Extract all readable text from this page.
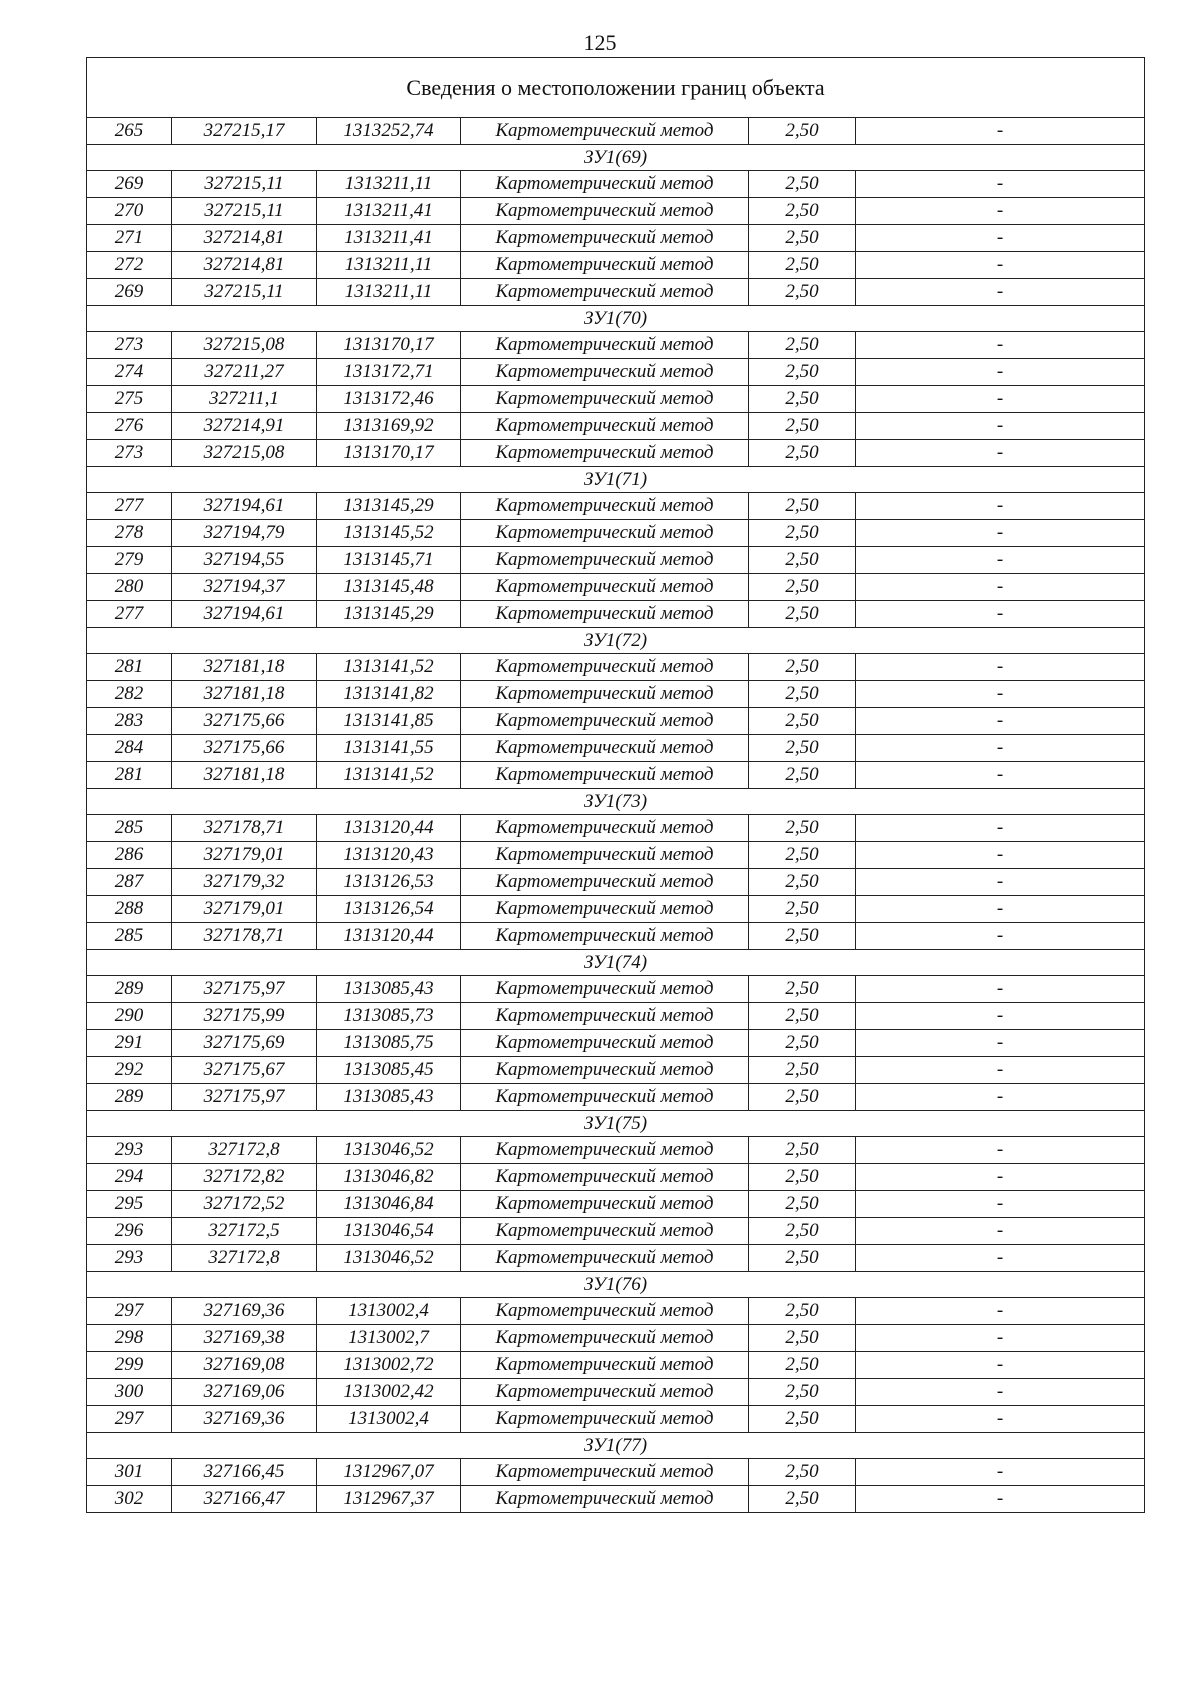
125
Сведения о местоположении границ объекта					
265	327215,17	1313252,74	Картометрический метод	2,50	-
ЗУ1(69)					
269	327215,11	1313211,11	Картометрический метод	2,50	-
270	327215,11	1313211,41	Картометрический метод	2,50	-
271	327214,81	1313211,41	Картометрический метод	2,50	-
272	327214,81	1313211,11	Картометрический метод	2,50	-
269	327215,11	1313211,11	Картометрический метод	2,50	-
ЗУ1(70)					
273	327215,08	1313170,17	Картометрический метод	2,50	-
274	327211,27	1313172,71	Картометрический метод	2,50	-
275	327211,1	1313172,46	Картометрический метод	2,50	-
276	327214,91	1313169,92	Картометрический метод	2,50	-
273	327215,08	1313170,17	Картометрический метод	2,50	-
ЗУ1(71)					
277	327194,61	1313145,29	Картометрический метод	2,50	-
278	327194,79	1313145,52	Картометрический метод	2,50	-
279	327194,55	1313145,71	Картометрический метод	2,50	-
280	327194,37	1313145,48	Картометрический метод	2,50	-
277	327194,61	1313145,29	Картометрический метод	2,50	-
ЗУ1(72)					
281	327181,18	1313141,52	Картометрический метод	2,50	-
282	327181,18	1313141,82	Картометрический метод	2,50	-
283	327175,66	1313141,85	Картометрический метод	2,50	-
284	327175,66	1313141,55	Картометрический метод	2,50	-
281	327181,18	1313141,52	Картометрический метод	2,50	-
ЗУ1(73)					
285	327178,71	1313120,44	Картометрический метод	2,50	-
286	327179,01	1313120,43	Картометрический метод	2,50	-
287	327179,32	1313126,53	Картометрический метод	2,50	-
288	327179,01	1313126,54	Картометрический метод	2,50	-
285	327178,71	1313120,44	Картометрический метод	2,50	-
ЗУ1(74)					
289	327175,97	1313085,43	Картометрический метод	2,50	-
290	327175,99	1313085,73	Картометрический метод	2,50	-
291	327175,69	1313085,75	Картометрический метод	2,50	-
292	327175,67	1313085,45	Картометрический метод	2,50	-
289	327175,97	1313085,43	Картометрический метод	2,50	-
ЗУ1(75)					
293	327172,8	1313046,52	Картометрический метод	2,50	-
294	327172,82	1313046,82	Картометрический метод	2,50	-
295	327172,52	1313046,84	Картометрический метод	2,50	-
296	327172,5	1313046,54	Картометрический метод	2,50	-
293	327172,8	1313046,52	Картометрический метод	2,50	-
ЗУ1(76)					
297	327169,36	1313002,4	Картометрический метод	2,50	-
298	327169,38	1313002,7	Картометрический метод	2,50	-
299	327169,08	1313002,72	Картометрический метод	2,50	-
300	327169,06	1313002,42	Картометрический метод	2,50	-
297	327169,36	1313002,4	Картометрический метод	2,50	-
ЗУ1(77)					
301	327166,45	1312967,07	Картометрический метод	2,50	-
302	327166,47	1312967,37	Картометрический метод	2,50	-
